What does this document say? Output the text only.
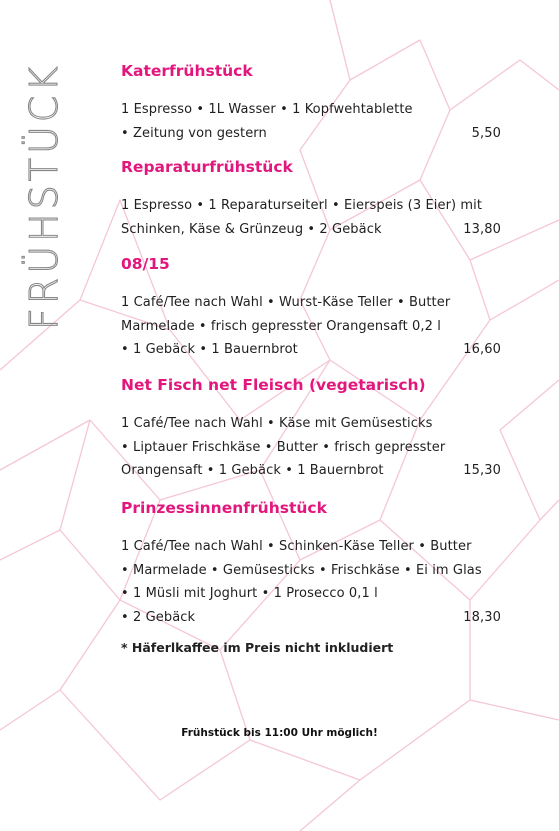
FRÜHSTÜCK	Katerfrühstück
1 Espresso • 1L Wasser • 1 Kopfwehtablette
• Zeitung von gestern	5,50
Reparaturfrühstück
1 Espresso • 1 Reparaturseiterl • Eierspeis (3 Eier) mit
Schinken, Käse & Grünzeug • 2 Gebäck	13,80
08/15
1 Café/Tee nach Wahl • Wurst-Käse Teller • Butter
Marmelade • frisch gepresster Orangensaft 0,2 l
• 1 Gebäck • 1 Bauernbrot	16,60
Net Fisch net Fleisch (vegetarisch)
1 Café/Tee nach Wahl • Käse mit Gemüsesticks
• Liptauer Frischkäse • Butter • frisch gepresster
Orangensaft • 1 Gebäck • 1 Bauernbrot	15,30
Prinzessinnenfrühstück
1 Café/Tee nach Wahl • Schinken-Käse Teller • Butter
• Marmelade • Gemüsesticks • Frischkäse • Ei im Glas
• 1 Müsli mit Joghurt • 1 Prosecco 0,1 l
• 2 Gebäck	18,30
* Häferlkaffee im Preis nicht inkludiert
Frühstück bis 11:00 Uhr möglich!
